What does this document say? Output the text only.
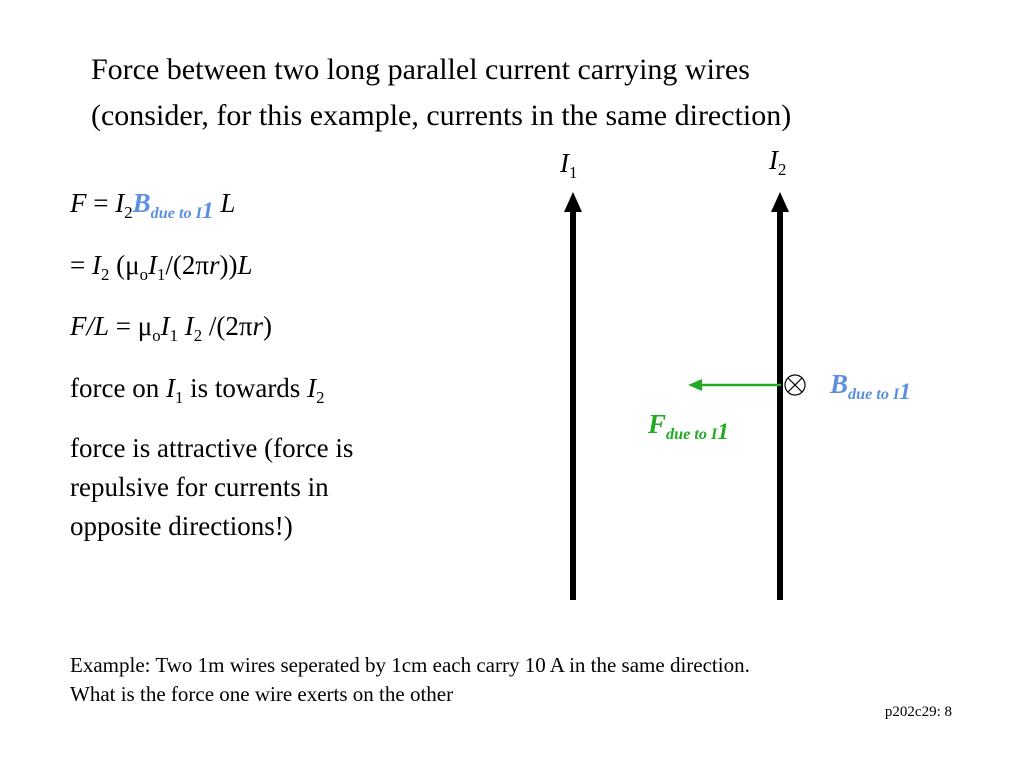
Force between two long parallel current carrying wires
(consider, for this example, currents in the same direction)
$F = I_2B_{due to I1}$ L
= $I_2$ $(\mu_oI_1/(2\pi r))L$
$F/L = \mu_oI_1$ $I_2$ /(2πr)
force on $I_1$ is towards $I_2$
force is attractive (force is
repulsive for currents in
opposite directions!)
$I_1$	$I_2$
$B_{due to I1}$
$F_{due to I1}$
Example: Two 1m wires seperated by 1cm each carry 10 A in the same direction.
What is the force one wire exerts on the other
p202c29: 8
